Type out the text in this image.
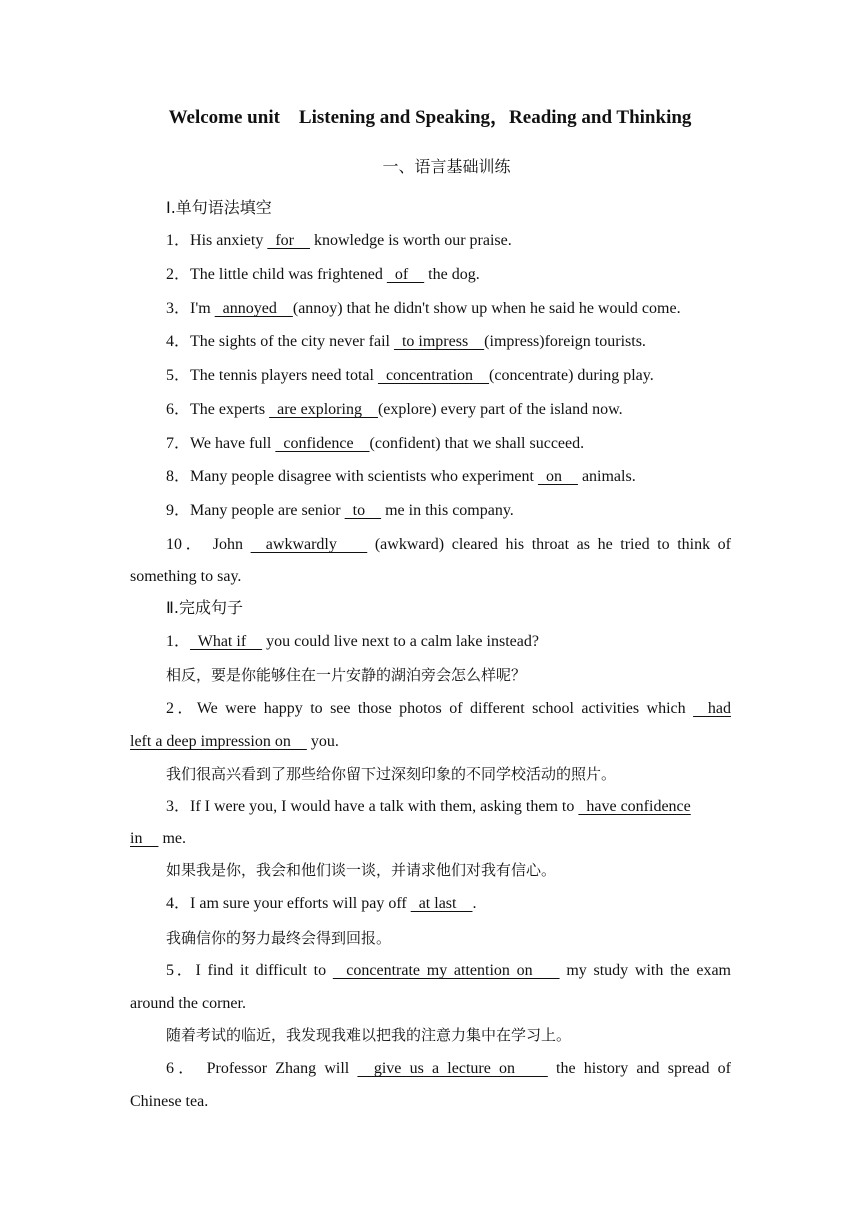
Welcome unit    Listening and Speaking，Reading and Thinking
一、语言基础训练
Ⅰ.单句语法填空
1．His anxiety   for     knowledge is worth our praise.
2．The little child was frightened   of     the dog.
3．I'm   annoyed    (annoy) that he didn't show up when he said he would come.
4．The sights of the city never fail   to impress    (impress)foreign tourists.
5．The tennis players need total   concentration    (concentrate) during play.
6．The experts   are exploring    (explore) every part of the island now.
7．We have full   confidence    (confident) that we shall succeed.
8．Many people disagree with scientists who experiment   on     animals.
9．Many people are senior   to     me in this company.
10． John   awkwardly     (awkward) cleared his throat as he tried to think of
something to say.
Ⅱ.完成句子
1．  What if     you could live next to a calm lake instead?
相反，要是你能够住在一片安静的湖泊旁会怎么样呢？
2．We were happy to see those photos of different school activities which   had
left a deep impression on     you.
我们很高兴看到了那些给你留下过深刻印象的不同学校活动的照片。
3．If I were you, I would have a talk with them, asking them to   have confidence
in     me.
如果我是你，我会和他们谈一谈，并请求他们对我有信心。
4．I am sure your efforts will pay off   at last    .
我确信你的努力最终会得到回报。
5．I find it difficult to   concentrate my attention on     my study with the exam
around the corner.
随着考试的临近，我发现我难以把我的注意力集中在学习上。
6． Professor Zhang will   give us a lecture on     the history and spread of
Chinese tea.
